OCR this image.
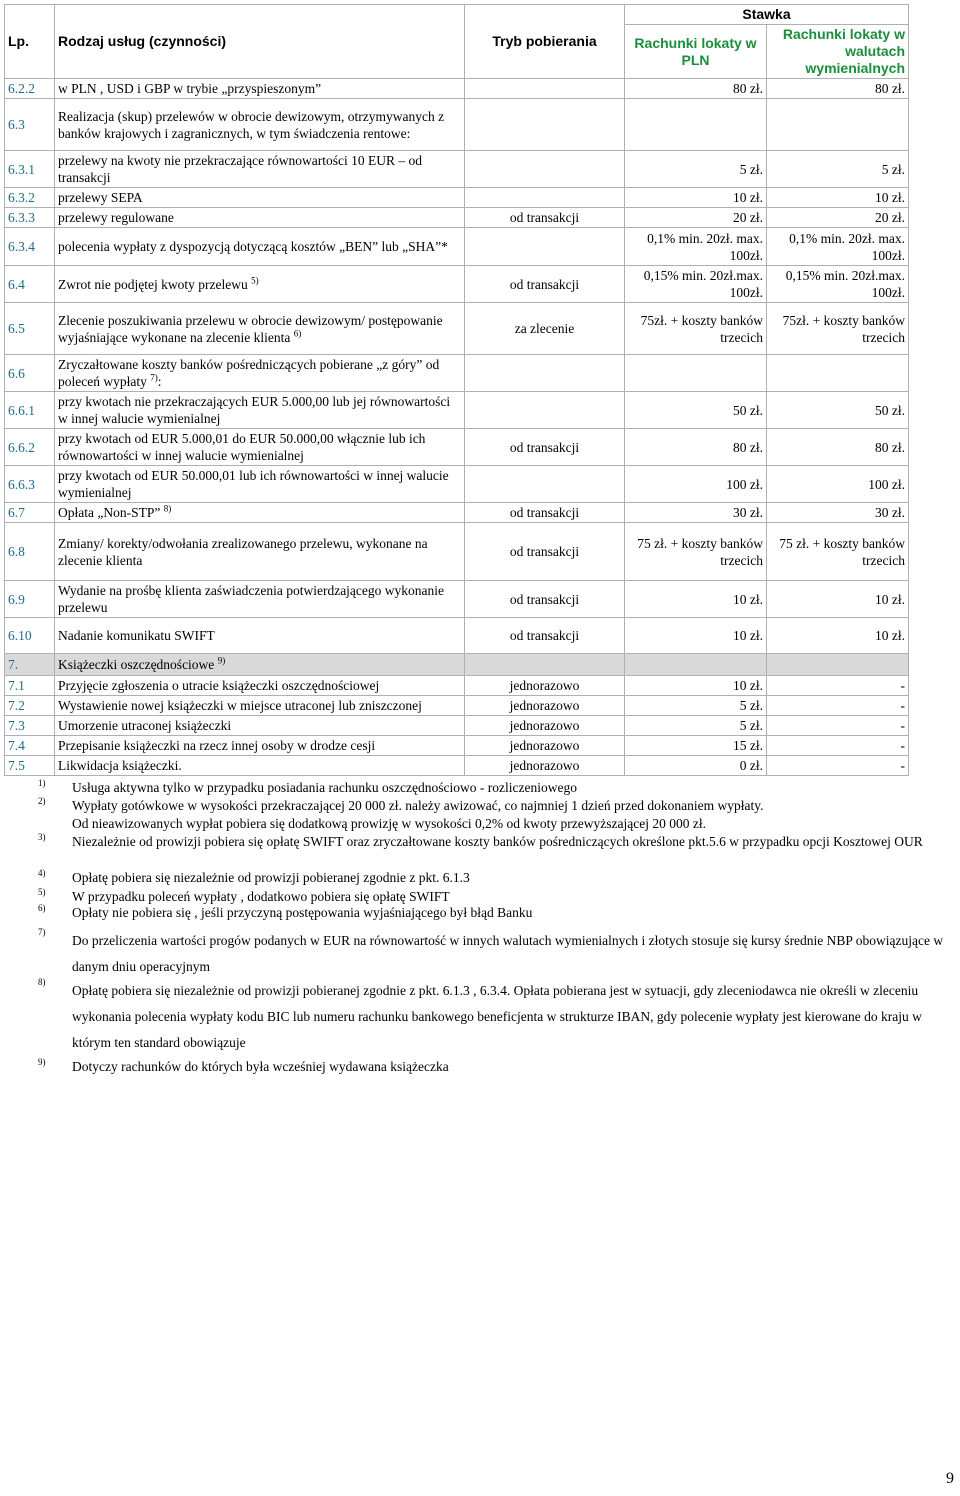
Lp.	Rodzaj usług (czynności)	Tryb pobierania	Stawka	
			Rachunki lokaty w PLN	Rachunki lokaty w walutach wymienialnych
6.2.2	w PLN , USD i GBP w trybie „przyspieszonym”		80 zł.	80 zł.
6.3	Realizacja (skup) przelewów w obrocie dewizowym, otrzymywanych z banków krajowych i zagranicznych, w tym świadczenia rentowe:			
6.3.1	przelewy na kwoty nie przekraczające równowartości 10 EUR – od transakcji		5 zł.	5 zł.
6.3.2	przelewy SEPA		10 zł.	10 zł.
6.3.3	przelewy regulowane	od transakcji	20 zł.	20 zł.
6.3.4	polecenia wypłaty z dyspozycją dotyczącą kosztów „BEN” lub „SHA”*		0,1% min. 20zł. max. 100zł.	0,1% min. 20zł. max. 100zł.
6.4	Zwrot nie podjętej kwoty przelewu $^{5)}$	od transakcji	0,15% min. 20zł.max. 100zł.	0,15% min. 20zł.max. 100zł.
6.5	Zlecenie poszukiwania przelewu w obrocie dewizowym/ postępowanie wyjaśniające wykonane na zlecenie klienta $^{6)}$	za zlecenie	75zł. + koszty banków trzecich	75zł. + koszty banków trzecich
6.6	Zryczałtowane koszty banków pośredniczących pobierane „z góry” od poleceń wypłaty $^{7)}$:			
6.6.1	przy kwotach nie przekraczających EUR 5.000,00 lub jej równowartości w innej walucie wymienialnej		50 zł.	50 zł.
6.6.2	przy kwotach od EUR 5.000,01 do EUR 50.000,00 włącznie lub ich równowartości w innej walucie wymienialnej	od transakcji	80 zł.	80 zł.
6.6.3	przy kwotach od EUR 50.000,01 lub ich równowartości w innej walucie wymienialnej		100 zł.	100 zł.
6.7	Opłata „Non-STP” $^{8)}$	od transakcji	30 zł.	30 zł.
6.8	Zmiany/ korekty/odwołania zrealizowanego przelewu, wykonane na zlecenie klienta	od transakcji	75 zł. + koszty banków trzecich	75 zł. + koszty banków trzecich
6.9	Wydanie na prośbę klienta zaświadczenia potwierdzającego wykonanie przelewu	od transakcji	10 zł.	10 zł.
6.10	Nadanie komunikatu SWIFT	od transakcji	10 zł.	10 zł.
7.	Książeczki oszczędnościowe $^{9)}$			
7.1	Przyjęcie zgłoszenia o utracie książeczki oszczędnościowej	jednorazowo	10 zł.	-
7.2	Wystawienie nowej książeczki w miejsce utraconej lub zniszczonej	jednorazowo	5 zł.	-
7.3	Umorzenie utraconej książeczki	jednorazowo	5 zł.	-
7.4	Przepisanie książeczki na rzecz innej osoby w drodze cesji	jednorazowo	15 zł.	-
7.5	Likwidacja książeczki.	jednorazowo	0 zł.	-
1) Usługa aktywna tylko w przypadku posiadania rachunku oszczędnościowo - rozliczeniowego
2) Wypłaty gotówkowe w wysokości przekraczającej 20 000 zł. należy awizować, co najmniej 1 dzień przed dokonaniem wypłaty.
Od nieawizowanych wypłat pobiera się dodatkową prowizję w wysokości 0,2% od kwoty przewyższającej 20 000 zł.
3) Niezależnie od prowizji pobiera się opłatę SWIFT oraz zryczałtowane koszty banków pośredniczących określone pkt.5.6 w przypadku opcji Kosztowej OUR
4) Opłatę pobiera się niezależnie od prowizji pobieranej zgodnie z pkt. 6.1.3
5) W przypadku poleceń wypłaty , dodatkowo pobiera się opłatę SWIFT
6) Opłaty nie pobiera się , jeśli przyczyną postępowania wyjaśniającego był błąd Banku
7)
Do przeliczenia wartości progów podanych w EUR na równowartość w innych walutach wymienialnych i złotych stosuje się kursy średnie NBP obowiązujące w danym dniu operacyjnym
8)
Opłatę pobiera się niezależnie od prowizji pobieranej zgodnie z pkt. 6.1.3 , 6.3.4. Opłata pobierana jest w sytuacji, gdy zleceniodawca nie określi w zleceniu wykonania polecenia wypłaty kodu BIC lub numeru rachunku bankowego beneficjenta w strukturze IBAN, gdy polecenie wypłaty jest kierowane do kraju w którym ten standard obowiązuje
9) Dotyczy rachunków do których była wcześniej wydawana książeczka
9
